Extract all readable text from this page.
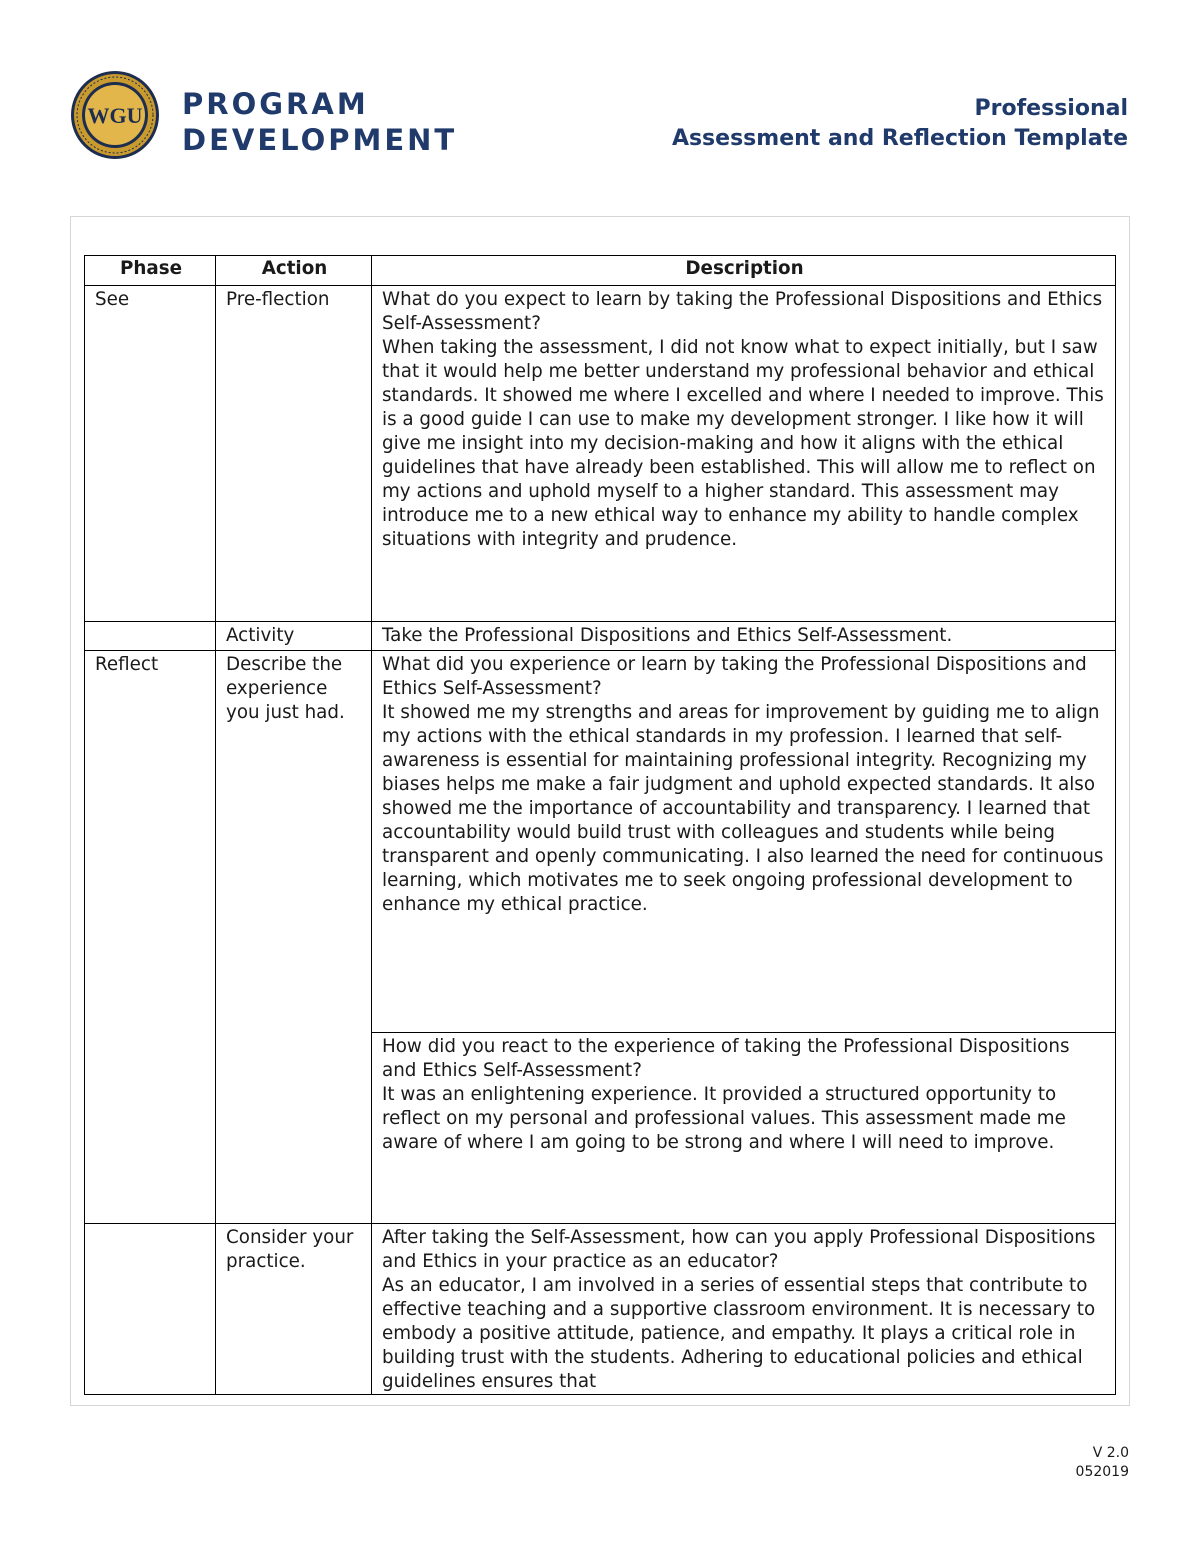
WGU PROGRAM
DEVELOPMENT
Professional
Assessment and Reflection Template
Phase	Action	Description
See	Pre-flection	What do you expect to learn by taking the Professional Dispositions and Ethics Self-Assessment?

When taking the assessment, I did not know what to expect initially, but I saw that it would help me better understand my professional behavior and ethical standards. It showed me where I excelled and where I needed to improve. This is a good guide I can use to make my development stronger. I like how it will give me insight into my decision-making and how it aligns with the ethical guidelines that have already been established. This will allow me to reflect on my actions and uphold myself to a higher standard. This assessment may introduce me to a new ethical way to enhance my ability to handle complex situations with integrity and prudence.

	Activity	Take the Professional Dispositions and Ethics Self-Assessment.

Reflect	Describe the experience you just had.	What did you experience or learn by taking the Professional Dispositions and Ethics Self-Assessment?

It showed me my strengths and areas for improvement by guiding me to align my actions with the ethical standards in my profession. I learned that self-awareness is essential for maintaining professional integrity. Recognizing my biases helps me make a fair judgment and uphold expected standards. It also showed me the importance of accountability and transparency. I learned that accountability would build trust with colleagues and students while being transparent and openly communicating. I also learned the need for continuous learning, which motivates me to seek ongoing professional development to enhance my ethical practice.

		How did you react to the experience of taking the Professional Dispositions and Ethics Self-Assessment?

It was an enlightening experience. It provided a structured opportunity to reflect on my personal and professional values. This assessment made me aware of where I am going to be strong and where I will need to improve.

	Consider your practice.	After taking the Self-Assessment, how can you apply Professional Dispositions and Ethics in your practice as an educator?

As an educator, I am involved in a series of essential steps that contribute to effective teaching and a supportive classroom environment. It is necessary to embody a positive attitude, patience, and empathy. It plays a critical role in building trust with the students. Adhering to educational policies and ethical guidelines ensures that

V 2.0
052019
